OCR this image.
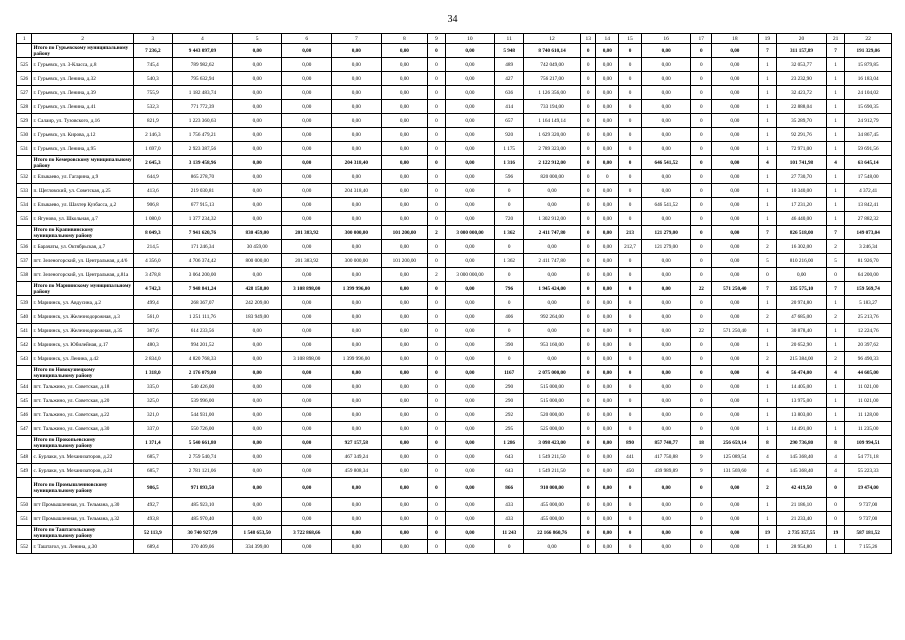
34
1	2	3	4	5	6	7	8	9	10	11	12	13	14	15	16	17	18	19	20	21	22
	Итого по Гурьевскому муниципальному району	7 236,2	9 443 097,09	0,00	0,00	0,00	0,00	0	0,00	5 948	8 740 610,14	0	0,00	0	0,00	0	0,00	7	311 157,89	7	191 329,06
525	г. Гурьевск, ул. 3-Класса, д.8	745,4	789 982,62	0,00	0,00	0,00	0,00	0	0,00	489	742 049,00	0	0,00	0	0,00	0	0,00	1	32 053,77	1	15 879,85
526	г. Гурьевск, ул. Ленина, д.32	540,3	795 632,94	0,00	0,00	0,00	0,00	0	0,00	427	756 217,00	0	0,00	0	0,00	0	0,00	1	23 232,90	1	16 183,04
527	г. Гурьевск, ул. Ленина, д.39	755,9	1 182 483,74	0,00	0,00	0,00	0,00	0	0,00	636	1 126 356,00	0	0,00	0	0,00	0	0,00	1	32 423,72	1	24 104,02
528	г. Гурьевск, ул. Ленина, д.41	532,3	771 772,39	0,00	0,00	0,00	0,00	0	0,00	414	733 194,00	0	0,00	0	0,00	0	0,00	1	22 888,04	1	15 690,35
529	г. Салаир, ул. Тузовского, д.16	821,9	1 223 360,63	0,00	0,00	0,00	0,00	0	0,00	657	1 164 149,14	0	0,00	0	0,00	0	0,00	1	35 289,70	1	24 912,79
530	г. Гурьевск, ул. Кирова, д.12	2 146,3	1 756 479,21	0,00	0,00	0,00	0,00	0	0,00	920	1 629 320,00	0	0,00	0	0,00	0	0,00	1	92 291,76	1	34 867,45
531	г. Гурьевск, ул. Ленина, д.95	1 697,0	2 923 387,56	0,00	0,00	0,00	0,00	0	0,00	1 175	2 789 323,00	0	0,00	0	0,00	0	0,00	1	72 971,00	1	59 691,56
	Итого по Кемеровскому муниципальному району	2 645,3	3 139 458,96	0,00	0,00	204 318,40	0,00	0	0,00	1 316	2 122 912,00	0	0,00	0	646 541,52	0	0,00	4	101 741,98	4	63 645,14
532	г. Елыкаево, ул. Гагарина, д.9	644,9	865 278,70	0,00	0,00	0,00	0,00	0	0,00	596	820 000,00	0	0	0	0,00	0	0,00	1	27 730,70	1	17 548,00
533	п. Щегловский, ул. Советская, д.25	413,6	219 030,81	0,00	0,00	204 318,40	0,00	0	0,00	0	0,00	0	0,00	0	0,00	0	0,00	1	10 340,00	1	4 372,41
534	г. Елыкаево, ул. Шахтер Кузбасса, д.2	906,8	677 915,13	0,00	0,00	0,00	0,00	0	0,00	0	0,00	0	0,00	0	646 541,52	0	0,00	1	17 231,20	1	13 842,41
535	г. Ягуново, ул. Школьная, д.7	1 080,0	1 377 234,32	0,00	0,00	0,00	0,00	0	0,00	720	1 302 912,00	0	0,00	0	0,00	0	0,00	1	46 440,00	1	27 882,32
	Итого по Крапивинскому муниципальному району	8 049,3	7 941 620,76	830 459,00	201 383,92	300 000,00	101 200,00	2	3 000 000,00	1 362	2 411 747,80	0	0,00	213	121 279,00	0	0,00	7	826 518,00	7	149 073,04
536	г. Барачаты, ул. Октябрьская, д.7	214,5	171 246,34	30 459,00	0,00	0,00	0,00	0	0,00	0	0,00	0	0,00	212,7	121 279,00	0	0,00	2	16 302,00	2	3 246,34
537	пгт. Зеленогорский, ул. Центральная, д.4/6	4 356,0	4 706 374,42	800 000,00	201 383,92	300 000,00	101 200,00	0	0,00	1 362	2 411 747,80	0	0,00	0	0,00	0	0,00	5	810 216,00	5	81 926,70
538	пгт. Зеленогорский, ул. Центральная, д.81а	3 478,8	3 064 200,00	0,00	0,00	0,00	0,00	2	3 000 000,00	0	0,00	0	0,00	0	0,00	0	0,00	0	0,00	0	64 200,00
	Итого по Мариинскому муниципальному району	4 742,3	7 948 841,24	428 158,00	3 108 898,00	1 399 996,00	0,00	0	0,00	796	1 945 424,00	0	0,00	0	0,00	22	571 250,40	7	335 575,10	7	159 569,74
539	г. Мариинск, ул. Авдусина, д.2	499,4	268 367,07	242 209,00	0,00	0,00	0,00	0	0,00	0	0,00	0	0,00	0	0,00	0	0,00	1	20 974,80	1	5 183,27
540	г. Мариинск, ул. Железнодорожная, д.3	561,0	1 251 111,76	183 949,00	0,00	0,00	0,00	0	0,00	406	992 264,00	0	0,00	0	0,00	0	0,00	2	47 685,00	2	25 213,76
541	г. Мариинск, ул. Железнодорожная, д.35	367,6	614 233,56	0,00	0,00	0,00	0,00	0	0,00	0	0,00	0	0,00	0	0,00	22	571 250,40	1	30 878,40	1	12 224,76
542	г. Мариинск, ул. Юбилейная, д.17	480,3	994 201,52	0,00	0,00	0,00	0,00	0	0,00	390	953 160,00	0	0,00	0	0,00	0	0,00	1	20 652,90	1	20 397,62
543	г. Мариинск, ул. Ленина, д.42	2 834,0	4 820 768,33	0,00	3 108 898,00	1 399 996,00	0,00	0	0,00	0	0,00	0	0,00	0	0,00	0	0,00	2	215 384,00	2	96 490,33
	Итого по Новокузнецкому муниципальному району	1 318,0	2 176 079,00	0,00	0,00	0,00	0,00	0	0,00	1167	2 075 000,00	0	0,00	0	0,00	0	0,00	4	56 474,00	4	44 605,00
544	пгт. Тальжино, ул. Советская, д.18	335,0	540 426,00	0,00	0,00	0,00	0,00	0	0,00	290	515 000,00	0	0,00	0	0,00	0	0,00	1	14 405,00	1	11 021,00
545	пгт. Тальжино, ул. Советская, д.20	325,0	539 996,00	0,00	0,00	0,00	0,00	0	0,00	290	515 000,00	0	0,00	0	0,00	0	0,00	1	13 975,00	1	11 021,00
546	пгт. Тальжино, ул. Советская, д.22	321,0	544 931,00	0,00	0,00	0,00	0,00	0	0,00	292	520 000,00	0	0,00	0	0,00	0	0,00	1	13 803,00	1	11 128,00
547	пгт. Тальжино, ул. Советская, д.30	337,0	550 726,00	0,00	0,00	0,00	0,00	0	0,00	295	525 000,00	0	0,00	0	0,00	0	0,00	1	14 491,00	1	11 235,00
	Итого по Прокопьевскому муниципальному району	1 371,4	5 540 661,80	0,00	0,00	927 157,58	0,00	0	0,00	1 286	3 098 423,00	0	0,00	890	857 740,77	18	256 659,14	8	290 736,80	8	109 994,51
548	с. Бурлаки, ул. Механизаторов, д.22	685,7	2 759 540,74	0,00	0,00	467 349,24	0,00	0	0,00	643	1 549 211,50	0	0,00	441	417 750,88	9	125 089,54	4	145 368,40	4	54 771,18
549	с. Бурлаки, ул. Механизаторов, д.24	685,7	2 781 121,06	0,00	0,00	459 808,34	0,00	0	0,00	643	1 549 211,50	0	0,00	450	439 989,89	9	131 569,60	4	145 368,40	4	55 223,33
	Итого по Промышленновскому муниципальному району	986,5	971 893,50	0,00	0,00	0,00	0,00	0	0,00	866	910 000,00	0	0,00	0	0,00	0	0,00	2	42 419,50	0	19 474,00
550	пгт Промышленная, ул. Тельмана, д.30	492,7	485 923,10	0,00	0,00	0,00	0,00	0	0,00	433	455 000,00	0	0,00	0	0,00	0	0,00	1	21 186,10	0	9 737,00
551	пгт Промышленная, ул. Тельмана, д.32	493,8	485 970,40	0,00	0,00	0,00	0,00	0	0,00	433	455 000,00	0	0,00	0	0,00	0	0,00	1	21 233,40	0	9 737,00
	Итого по Таштагольскому муниципальному району	52 113,9	30 740 927,99	1 548 653,50	3 722 868,66	0,00	0,00	0	0,00	11 243	22 166 860,76	0	0,00	0	0,00	0	0,00	19	2 735 357,55	19	587 181,52
552	г. Таштагол, ул. Ленина, д.30	689,4	370 409,06	334 399,00	0,00	0,00	0,00	0	0,00	0	0,00	0	0,00	0	0,00	0	0,00	1	28 954,80	1	7 155,26
